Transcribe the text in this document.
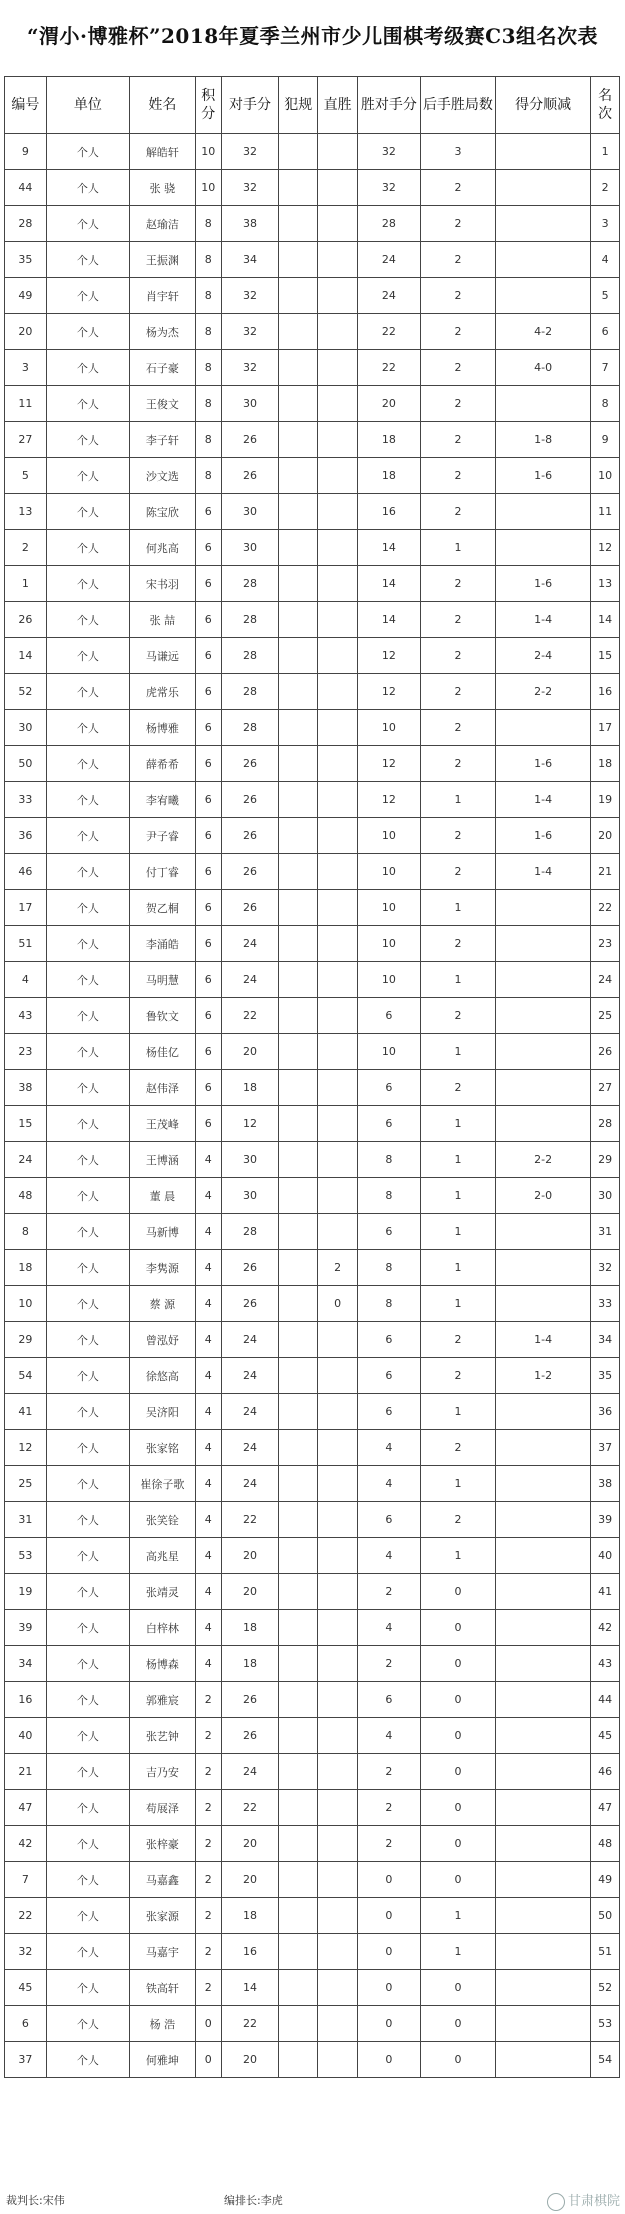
“渭小·博雅杯”2018年夏季兰州市少儿围棋考级赛C3组名次表
编号	单位	姓名	积分	对手分	犯规	直胜	胜对手分	后手胜局数	得分顺减	名次
9	个人	解皓轩	10	32			32	3		1
44	个人	张 骁	10	32			32	2		2
28	个人	赵瑜洁	8	38			28	2		3
35	个人	王振渊	8	34			24	2		4
49	个人	肖宇轩	8	32			24	2		5
20	个人	杨为杰	8	32			22	2	4-2	6
3	个人	石子豪	8	32			22	2	4-0	7
11	个人	王俊文	8	30			20	2		8
27	个人	李子轩	8	26			18	2	1-8	9
5	个人	沙文选	8	26			18	2	1-6	10
13	个人	陈宝欣	6	30			16	2		11
2	个人	何兆高	6	30			14	1		12
1	个人	宋书羽	6	28			14	2	1-6	13
26	个人	张 喆	6	28			14	2	1-4	14
14	个人	马谦远	6	28			12	2	2-4	15
52	个人	虎常乐	6	28			12	2	2-2	16
30	个人	杨博雅	6	28			10	2		17
50	个人	薛希希	6	26			12	2	1-6	18
33	个人	李宥曦	6	26			12	1	1-4	19
36	个人	尹子睿	6	26			10	2	1-6	20
46	个人	付丁睿	6	26			10	2	1-4	21
17	个人	贺乙桐	6	26			10	1		22
51	个人	李涌皓	6	24			10	2		23
4	个人	马明慧	6	24			10	1		24
43	个人	鲁钦文	6	22			6	2		25
23	个人	杨佳亿	6	20			10	1		26
38	个人	赵伟泽	6	18			6	2		27
15	个人	王茂峰	6	12			6	1		28
24	个人	王博涵	4	30			8	1	2-2	29
48	个人	董 晨	4	30			8	1	2-0	30
8	个人	马新博	4	28			6	1		31
18	个人	李隽源	4	26		2	8	1		32
10	个人	蔡 源	4	26		0	8	1		33
29	个人	曾泓妤	4	24			6	2	1-4	34
54	个人	徐悠高	4	24			6	2	1-2	35
41	个人	吴济阳	4	24			6	1		36
12	个人	张家铭	4	24			4	2		37
25	个人	崔徐子歌	4	24			4	1		38
31	个人	张笑铨	4	22			6	2		39
53	个人	高兆星	4	20			4	1		40
19	个人	张靖灵	4	20			2	0		41
39	个人	白梓林	4	18			4	0		42
34	个人	杨博森	4	18			2	0		43
16	个人	郭雅宸	2	26			6	0		44
40	个人	张艺钟	2	26			4	0		45
21	个人	吉乃安	2	24			2	0		46
47	个人	苟展泽	2	22			2	0		47
42	个人	张梓豪	2	20			2	0		48
7	个人	马嘉鑫	2	20			0	0		49
22	个人	张家源	2	18			0	1		50
32	个人	马嘉宇	2	16			0	1		51
45	个人	铁高轩	2	14			0	0		52
6	个人	杨 浩	0	22			0	0		53
37	个人	何雅坤	0	20			0	0		54
裁判长:宋伟	编排长:李虎	甘肃棋院
